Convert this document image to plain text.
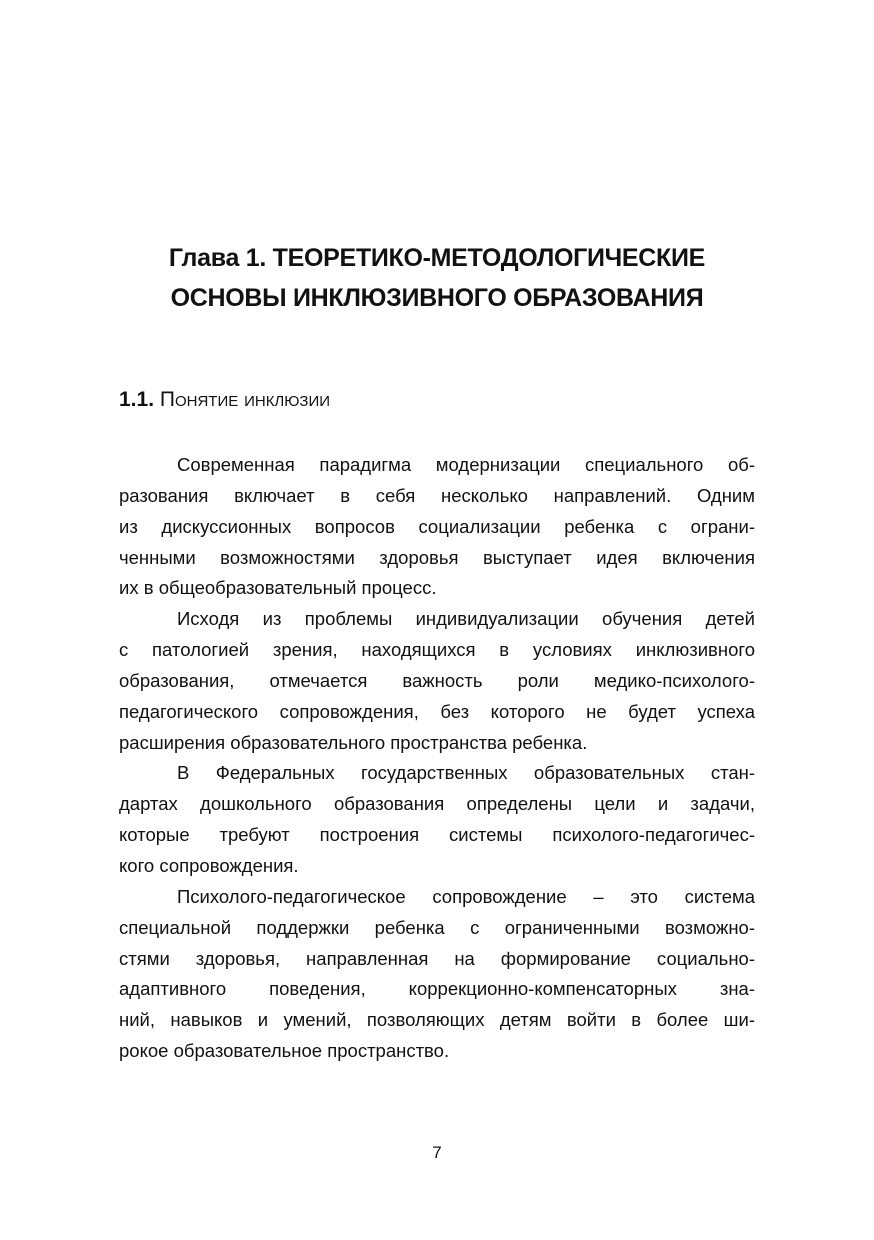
Глава 1. ТЕОРЕТИКО-МЕТОДОЛОГИЧЕСКИЕ
ОСНОВЫ ИНКЛЮЗИВНОГО ОБРАЗОВАНИЯ
1.1. Понятие инклюзии
Современная парадигма модернизации специального об-
разования включает в себя несколько направлений. Одним
из дискуссионных вопросов социализации ребенка с ограни-
ченными возможностями здоровья выступает идея включения
их в общеобразовательный процесс.
Исходя из проблемы индивидуализации обучения детей
с патологией зрения, находящихся в условиях инклюзивного
образования, отмечается важность роли медико-психолого-
педагогического сопровождения, без которого не будет успеха
расширения образовательного пространства ребенка.
В Федеральных государственных образовательных стан-
дартах дошкольного образования определены цели и задачи,
которые требуют построения системы психолого-педагогичес-
кого сопровождения.
Психолого-педагогическое сопровождение – это система
специальной поддержки ребенка с ограниченными возможно-
стями здоровья, направленная на формирование социально-
адаптивного поведения, коррекционно-компенсаторных зна-
ний, навыков и умений, позволяющих детям войти в более ши-
рокое образовательное пространство.
7
